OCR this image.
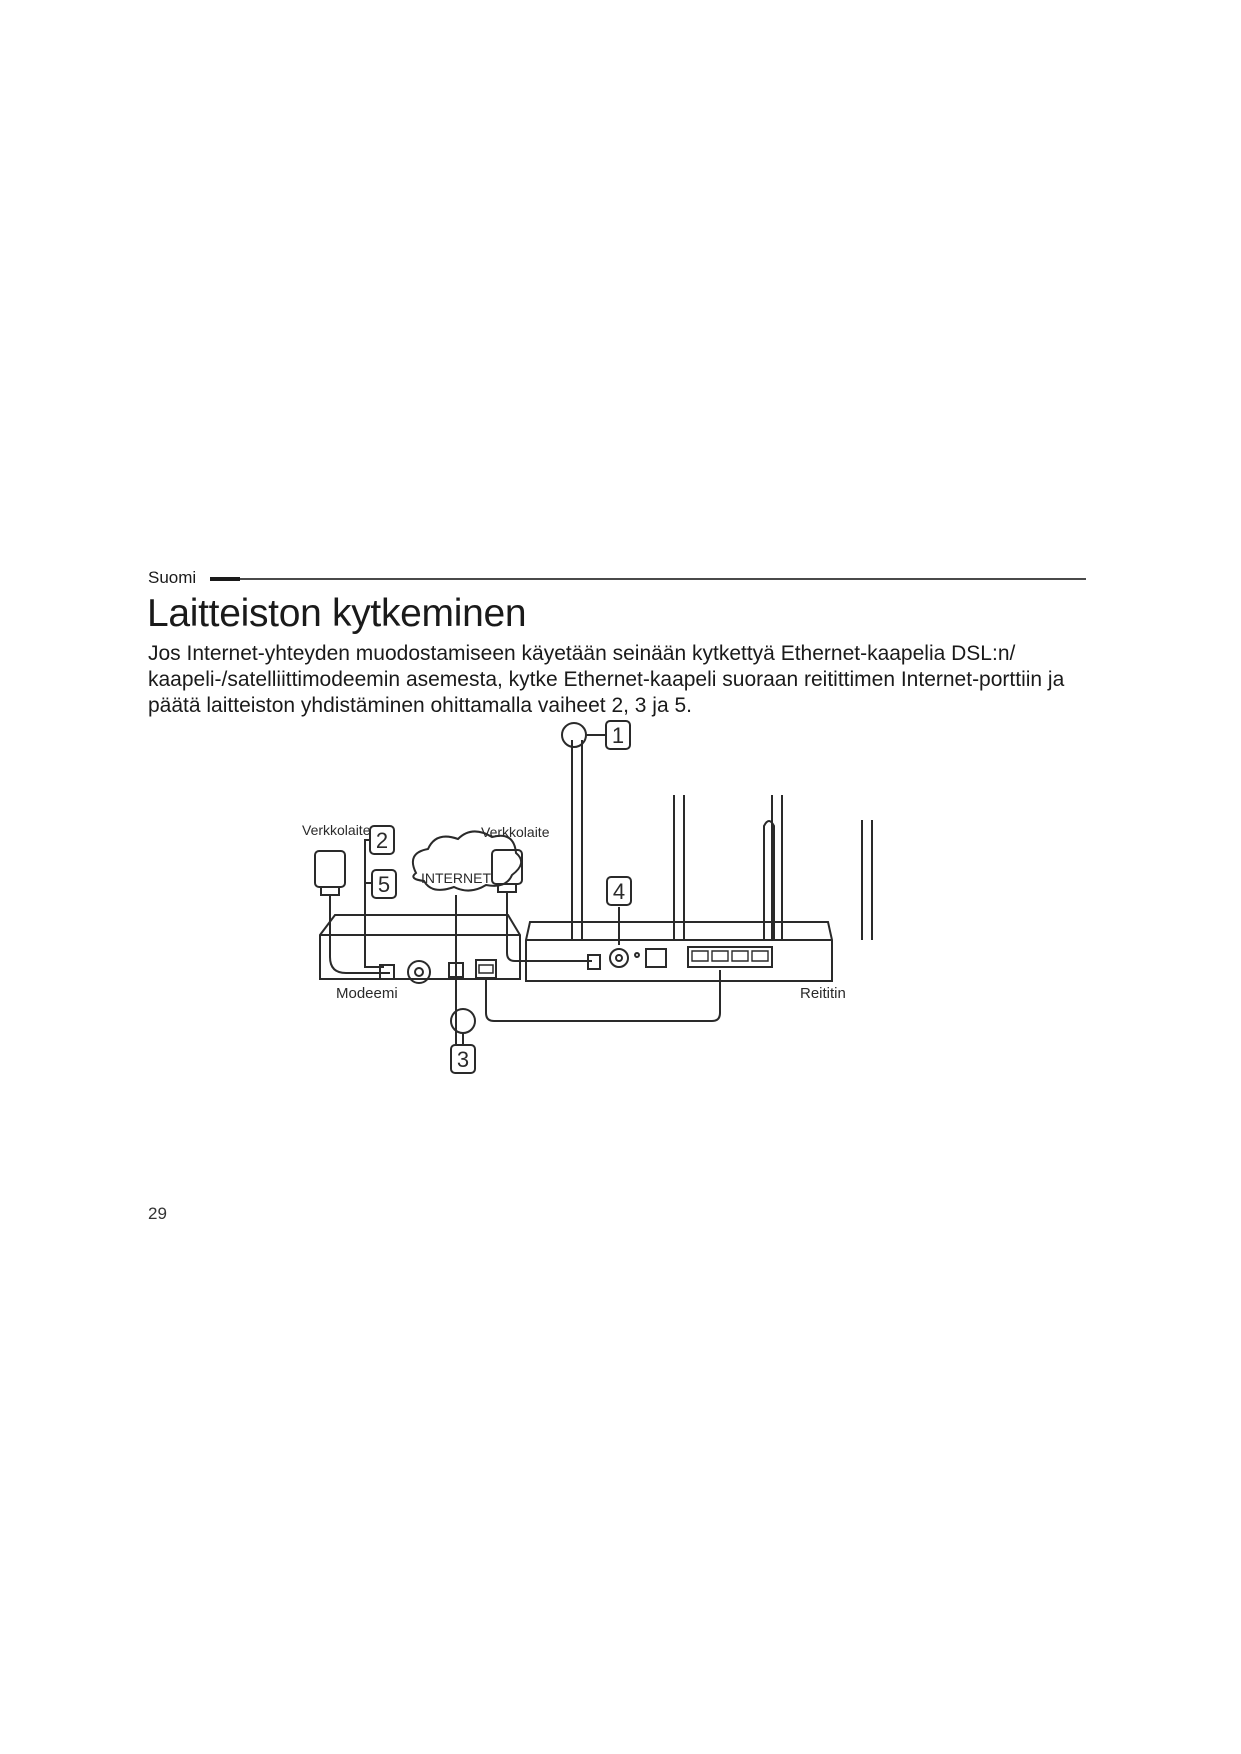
Suomi
Laitteiston kytkeminen

Jos Internet-yhteyden muodostamiseen käyetään seinään kytkettyä Ethernet-kaapelia DSL:n/ kaapeli-/satelliittimodeemin asemesta, kytke Ethernet-kaapeli suoraan reitittimen Internet-porttiin ja päätä laitteiston yhdistäminen ohittamalla vaiheet 2, 3 ja 5.

INTERNET
Verkkolaite	Verkkolaite
Modeemi	Reititin
2
5	4
3
1
29
